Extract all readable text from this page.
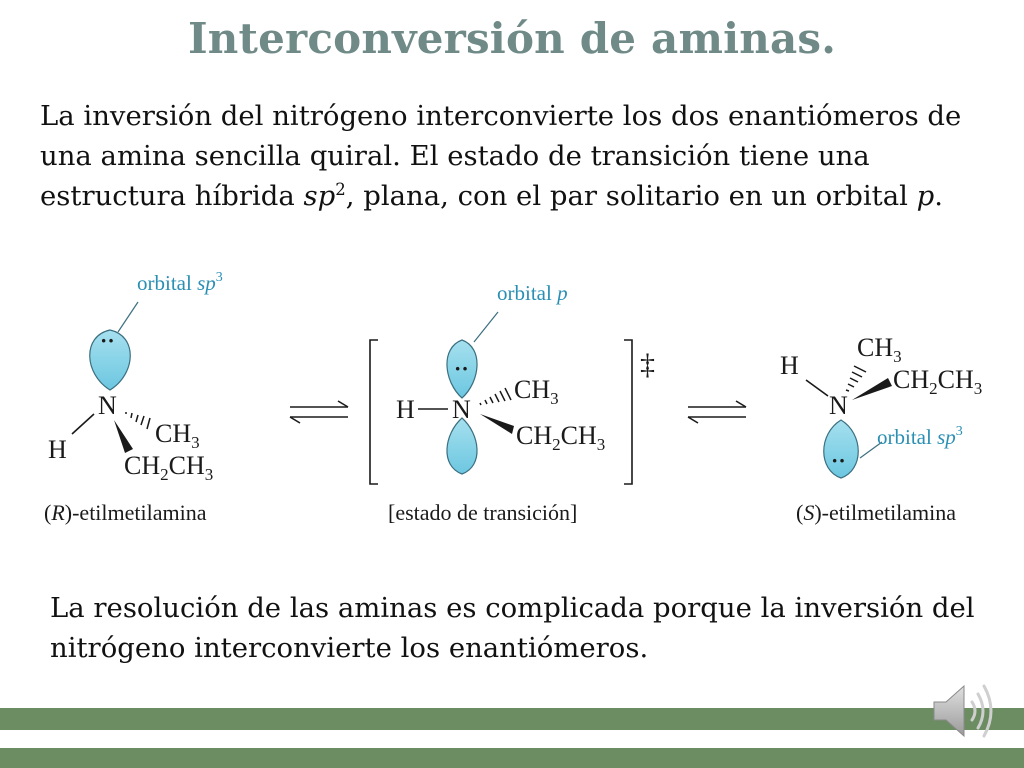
Interconversión de aminas.
La inversión del nitrógeno interconvierte los dos enantiómeros de una amina sencilla quiral. El estado de transición tiene una estructura híbrida $sp^2$, plana, con el par solitario en un orbital p.
orbital $sp^3$
··
N
H
$CH_3$
$CH_2CH_3$
(R)-etilmetilamina
‡
orbital p
··
H N
$CH_3$
$CH_2CH_3$
[estado de transición]
$CH_3$
H	$CH_2CH_3$
N
··
orbital $sp^3$
(S)-etilmetilamina
La resolución de las aminas es complicada porque la inversión del nitrógeno interconvierte los enantiómeros.
